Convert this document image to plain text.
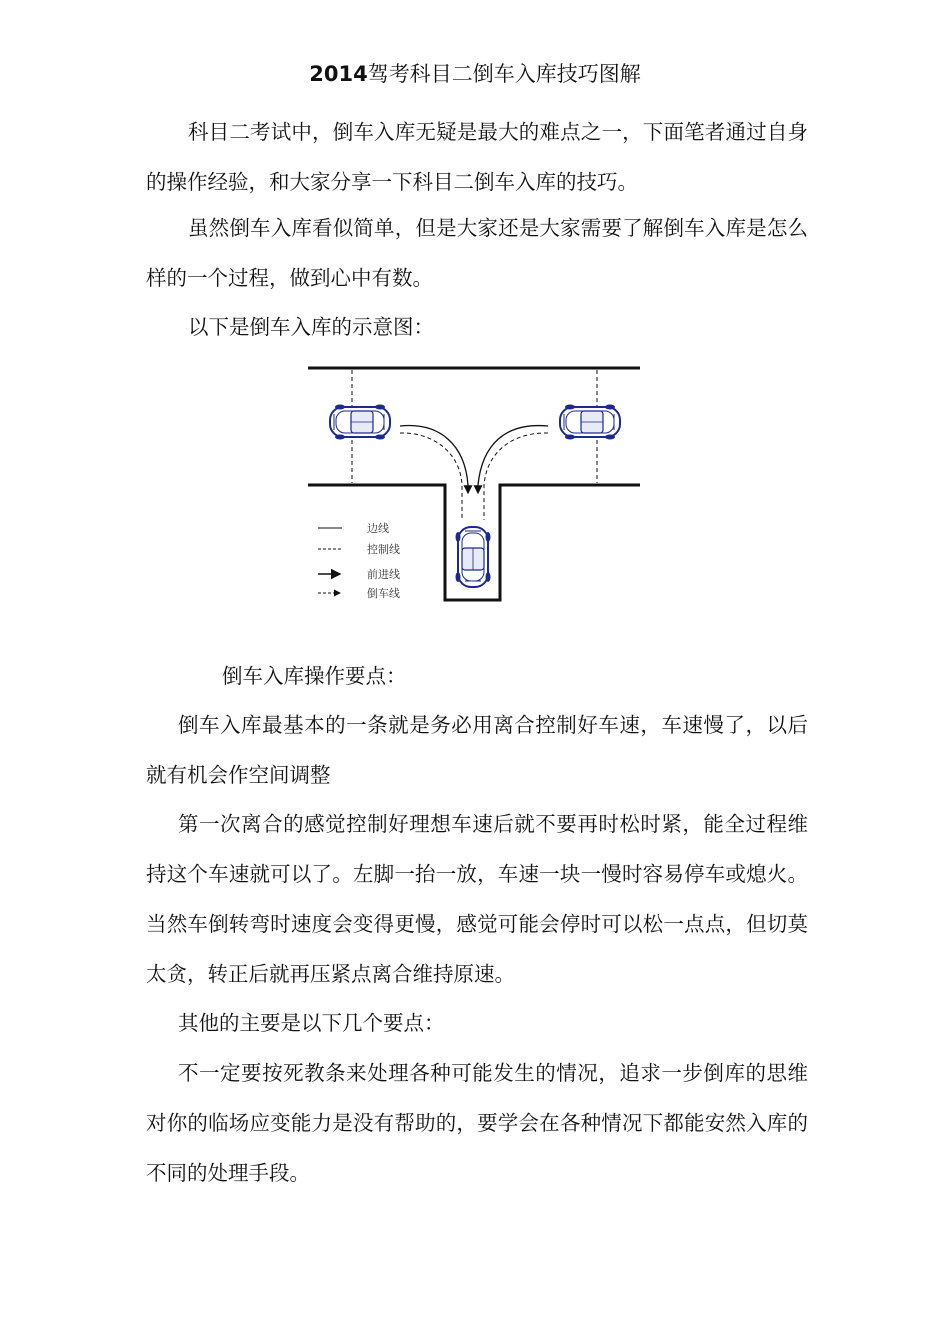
2014驾考科目二倒车入库技巧图解

科目二考试中，倒车入库无疑是最大的难点之一，下面笔者通过自身的操作经验，和大家分享一下科目二倒车入库的技巧。

虽然倒车入库看似简单，但是大家还是大家需要了解倒车入库是怎么样的一个过程，做到心中有数。

以下是倒车入库的示意图：

边线
控制线
前进线
倒车线

倒车入库操作要点：

倒车入库最基本的一条就是务必用离合控制好车速，车速慢了，以后就有机会作空间调整

第一次离合的感觉控制好理想车速后就不要再时松时紧，能全过程维持这个车速就可以了。左脚一抬一放，车速一块一慢时容易停车或熄火。当然车倒转弯时速度会变得更慢，感觉可能会停时可以松一点点，但切莫太贪，转正后就再压紧点离合维持原速。

其他的主要是以下几个要点：

不一定要按死教条来处理各种可能发生的情况，追求一步倒库的思维对你的临场应变能力是没有帮助的，要学会在各种情况下都能安然入库的不同的处理手段。
